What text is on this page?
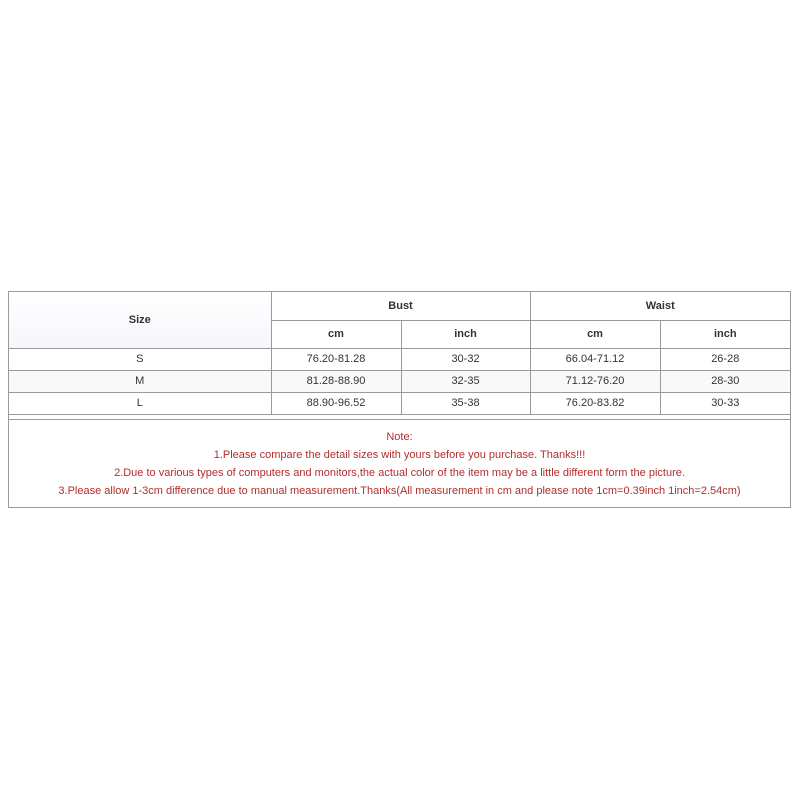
Size	Bust		Waist	
	cm	inch	cm	inch
S	76.20-81.28	30-32	66.04-71.12	26-28
M	81.28-88.90	32-35	71.12-76.20	28-30
L	88.90-96.52	35-38	76.20-83.82	30-33
Note:
1.Please compare the detail sizes with yours before you purchase. Thanks!!!
2.Due to various types of computers and monitors,the actual color of the item may be a little different form the picture.
3.Please allow 1-3cm difference due to manual measurement.Thanks(All measurement in cm and please note 1cm=0.39inch 1inch=2.54cm)
